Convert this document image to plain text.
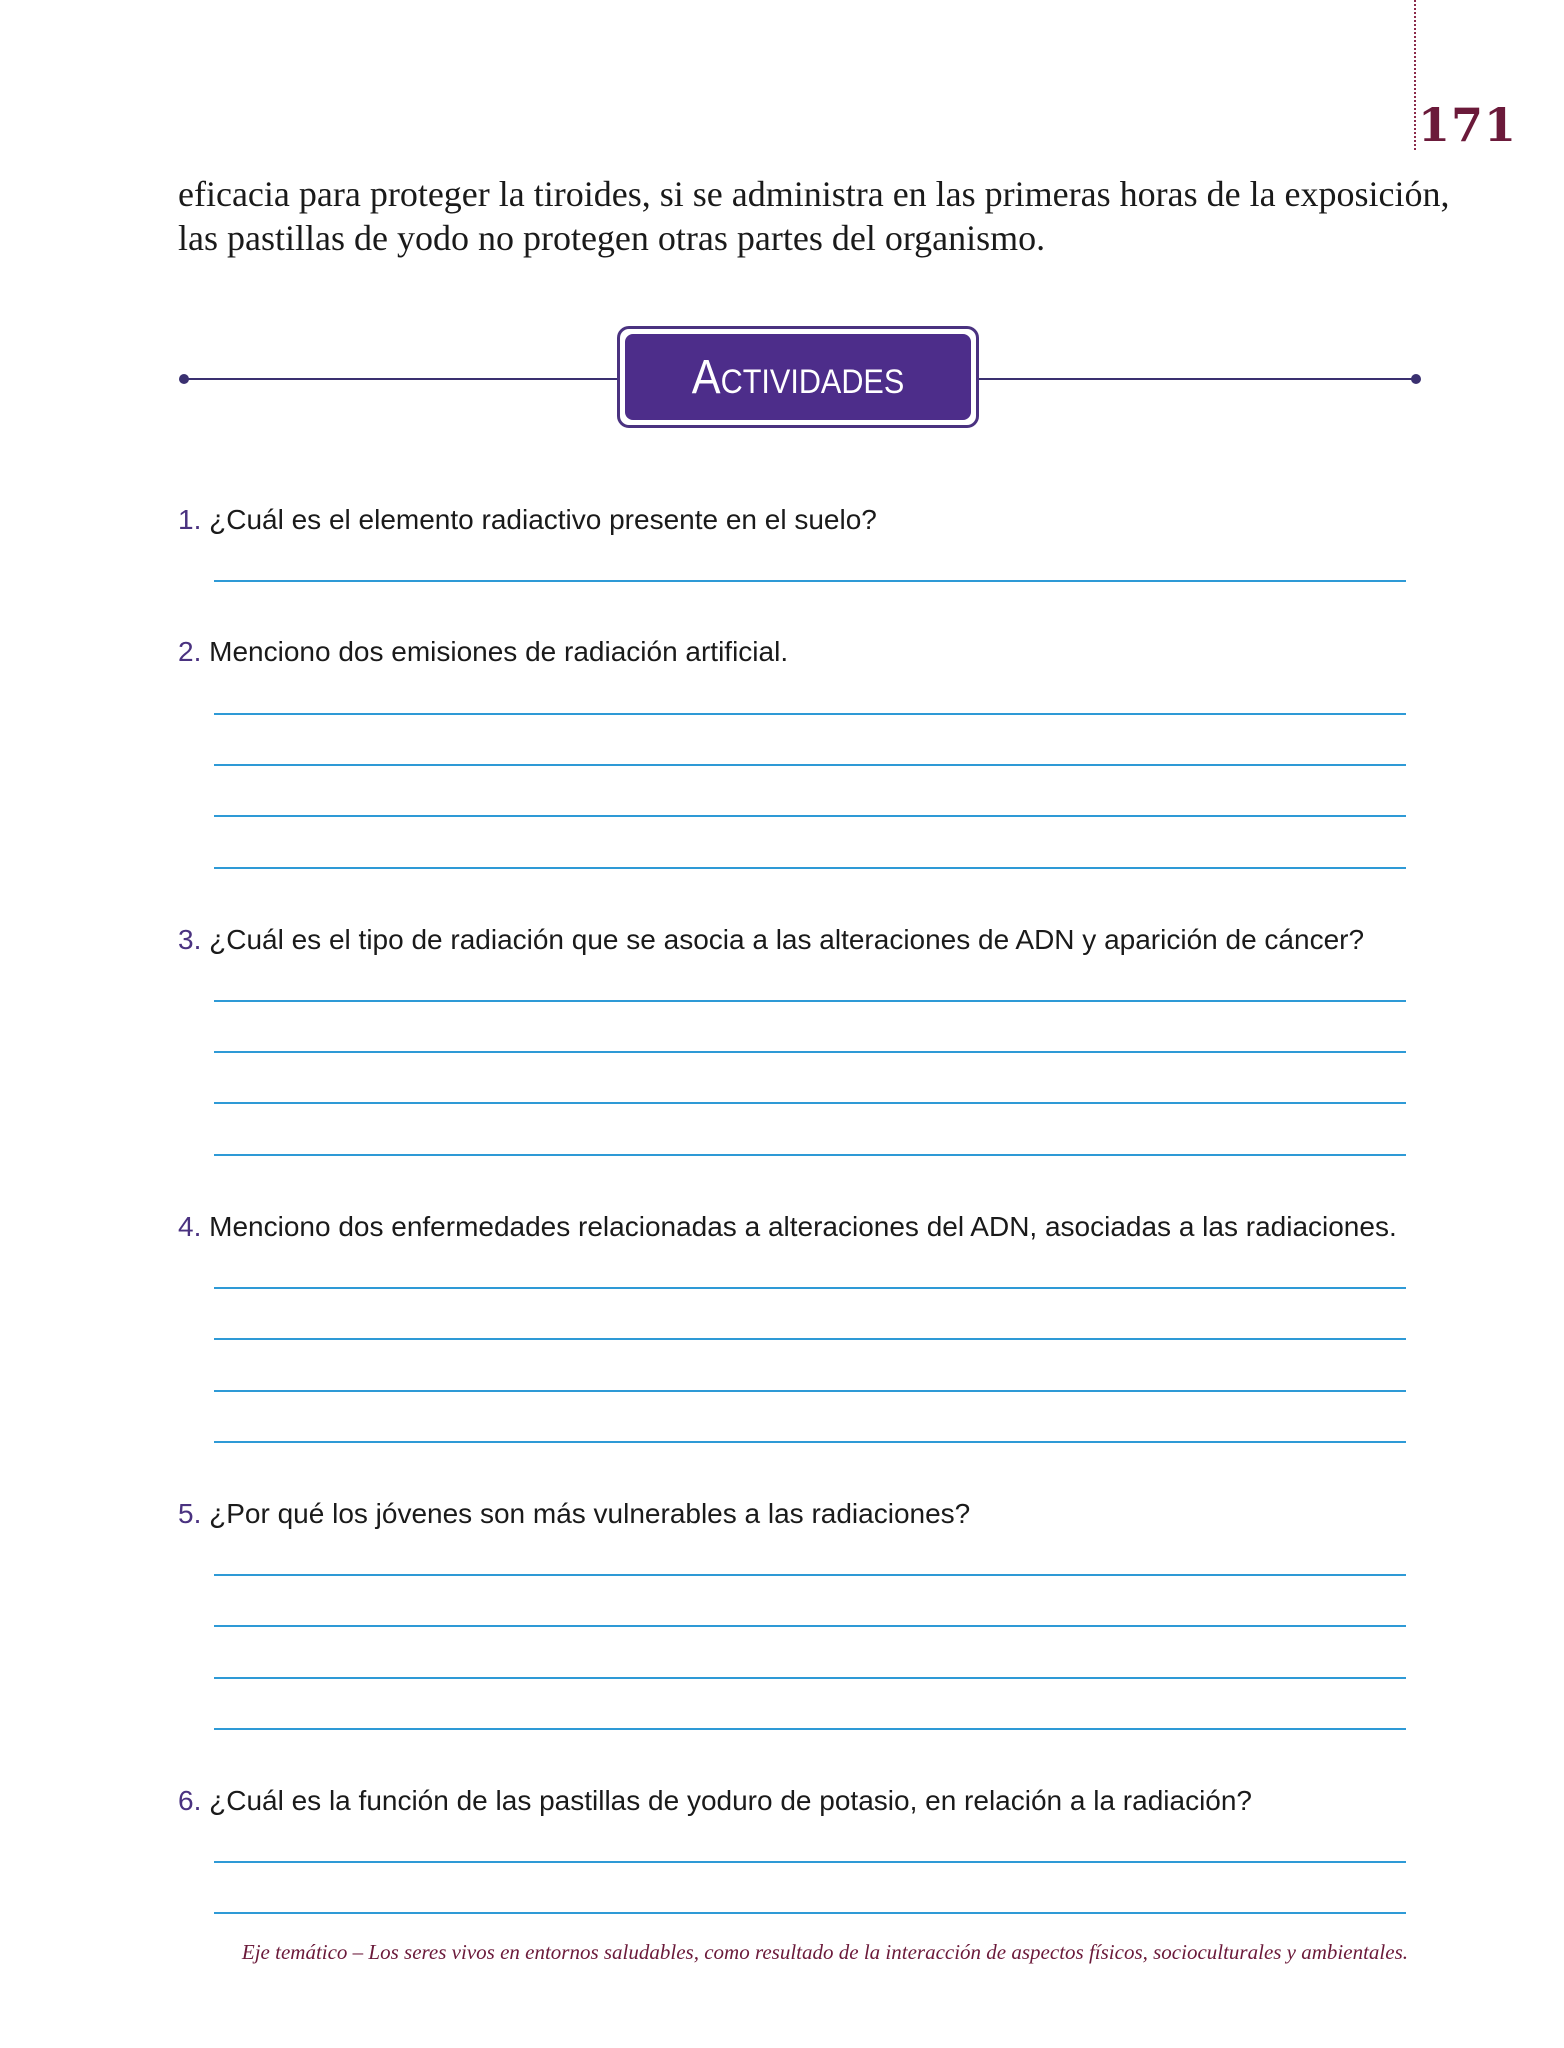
171

eficacia para proteger la tiroides, si se administra en las primeras horas de la exposición,

las pastillas de yodo no protegen otras partes del organismo.

Actividades
1. ¿Cuál es el elemento radiactivo presente en el suelo?
2. Menciono dos emisiones de radiación artificial.
3. ¿Cuál es el tipo de radiación que se asocia a las alteraciones de ADN y aparición de cáncer?
4. Menciono dos enfermedades relacionadas a alteraciones del ADN, asociadas a las radiaciones.
5. ¿Por qué los jóvenes son más vulnerables a las radiaciones?
6. ¿Cuál es la función de las pastillas de yoduro de potasio, en relación a la radiación?
Eje temático – Los seres vivos en entornos saludables, como resultado de la interacción de aspectos físicos, socioculturales y ambientales.
